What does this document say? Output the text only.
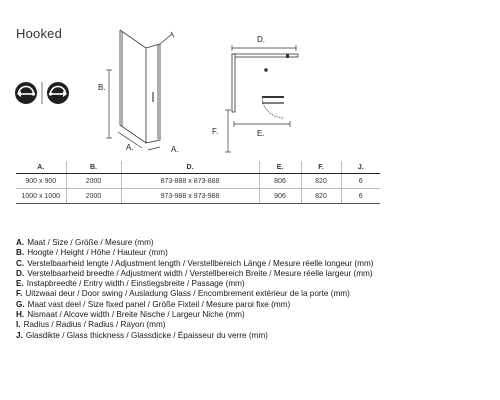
Hooked
B.
A.	A.
D.
E.
F.
A.	B.	D.	E.	F.	J.
900 x 900	2000	873-888 x 873-888	806	820	6
1000 x 1000	2000	973-988 x 973-988	906	820	6
A. Maat / Size / Größe / Mesure (mm)
B. Hoogte / Height / Höhe / Hauteur (mm)
C. Verstelbaarheid lengte / Adjustment length / Verstellbereich Länge / Mesure réelle longeur (mm)
D. Verstelbaarheid breedte / Adjustment width / Verstellbereich Breite / Mesure réelle largeur (mm)
E. Instapbreedte / Entry width / Einstiegsbreite / Passage (mm)
F. Uitzwaai deur / Door swing / Ausladung Glass / Encombrement extérieur de la porte (mm)
G. Maat vast deel / Size fixed panel / Größe Fixteil / Mesure paroi fixe (mm)
H. Nismaat / Alcove width / Breite Nische / Largeur Niche (mm)
I. Radius / Radius / Radius / Rayon (mm)
J. Glasdikte / Glass thickness / Glassdicke / Épaisseur du verre (mm)
